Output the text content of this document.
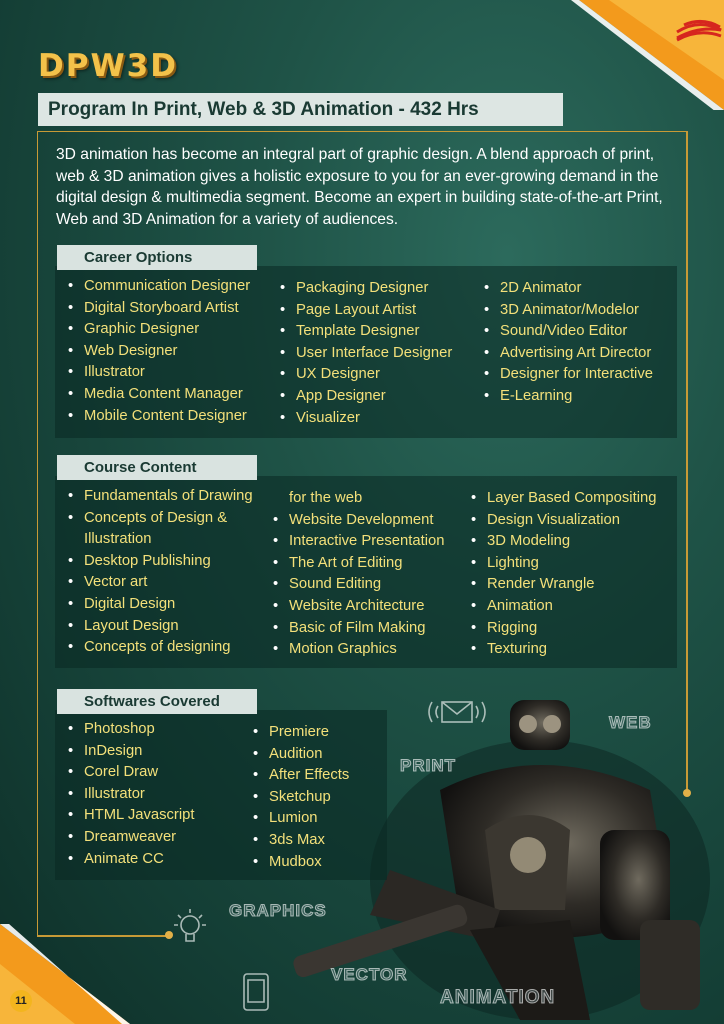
DPW3D
Program In Print, Web & 3D Animation - 432 Hrs
3D animation has become an integral part of graphic design. A blend approach of print, web & 3D animation gives a holistic exposure to you for an ever-growing demand in the digital design & multimedia segment. Become an expert in building state-of-the-art Print, Web and 3D Animation for a variety of audiences.
Career Options
• Communication Designer
• Digital Storyboard Artist
• Graphic Designer
• Web Designer
• Illustrator
• Media Content Manager
• Mobile Content Designer
• Packaging Designer
• Page Layout Artist
• Template Designer
• User Interface Designer
• UX Designer
• App Designer
• Visualizer
• 2D Animator
• 3D Animator/Modelor
• Sound/Video Editor
• Advertising Art Director
• Designer for Interactive
• E-Learning
Course Content
• Fundamentals of Drawing
• Concepts of Design &
Illustration
• Desktop Publishing
• Vector art
• Digital Design
• Layout Design
• Concepts of designing
for the web
• Website Development
• Interactive Presentation
• The Art of Editing
• Sound Editing
• Website Architecture
• Basic of Film Making
• Motion Graphics
• Layer Based Compositing
• Design Visualization
• 3D Modeling
• Lighting
• Render Wrangle
• Animation
• Rigging
• Texturing
Softwares Covered
• Photoshop
• InDesign
• Corel Draw
• Illustrator
• HTML Javascript
• Dreamweaver
• Animate CC
• Premiere
• Audition
• After Effects
• Sketchup
• Lumion
• 3ds Max
• Mudbox
WEB
PRINT
GRAPHICS
VECTOR
ANIMATION
11
